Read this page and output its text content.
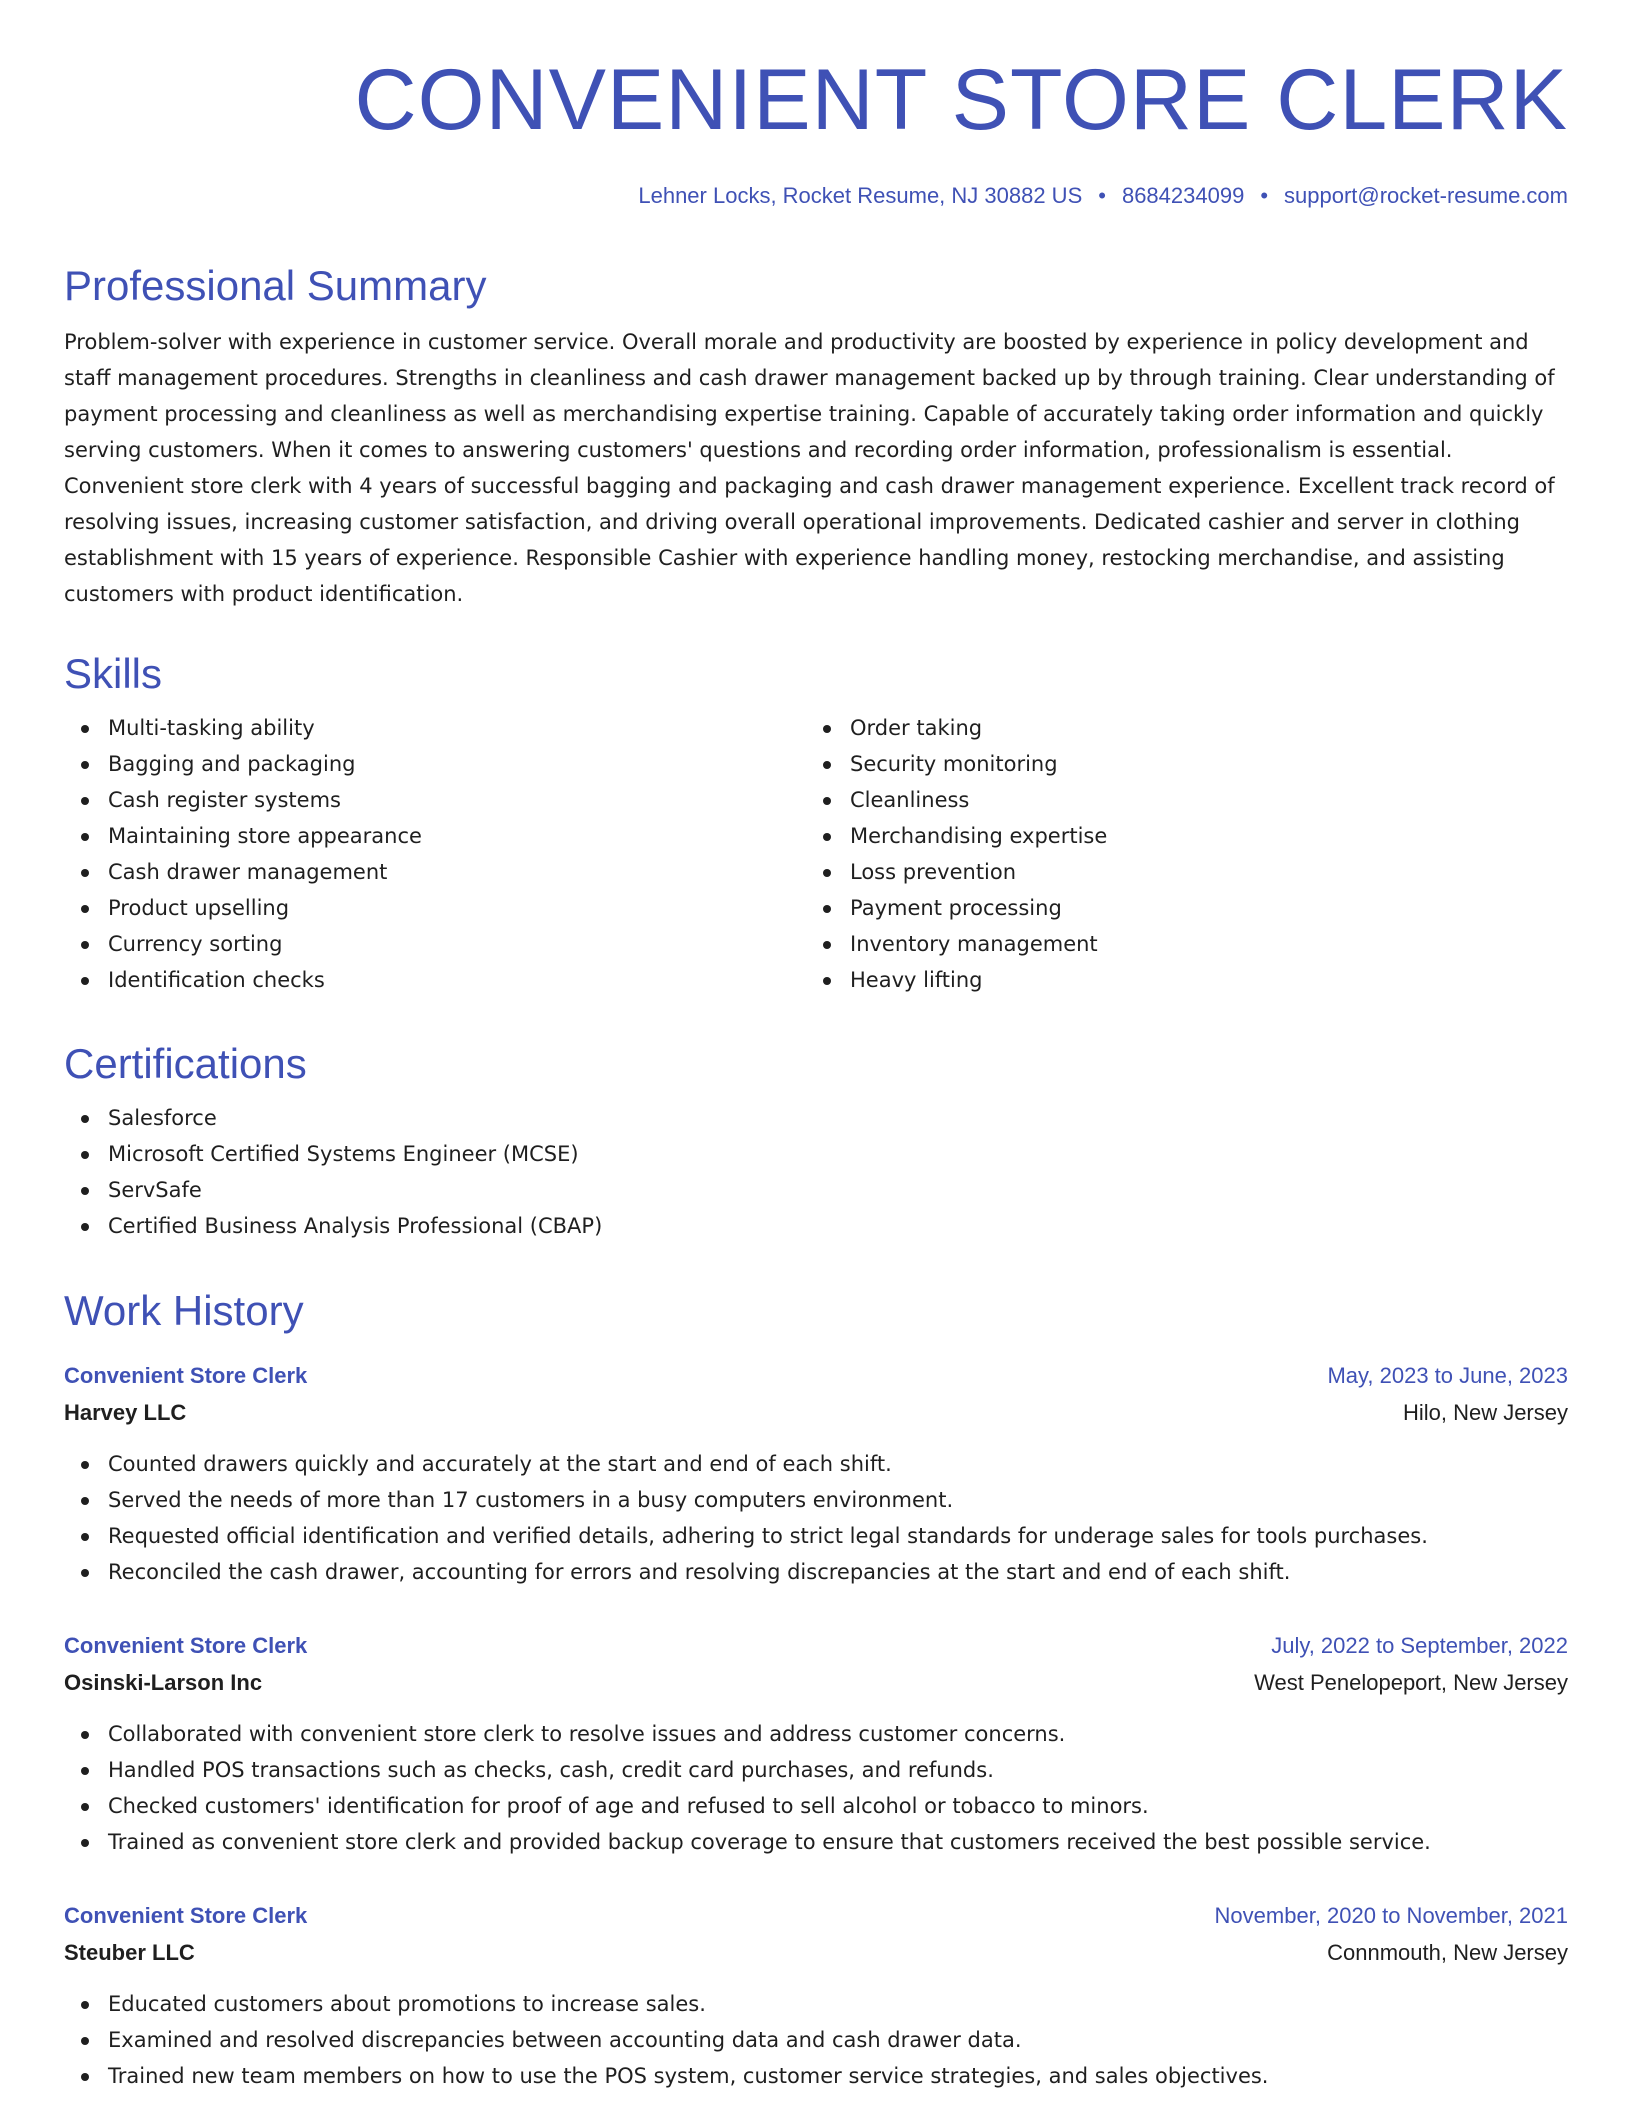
CONVENIENT STORE CLERK
Lehner Locks, Rocket Resume, NJ 30882 US • 8684234099 • support@rocket-resume.com
Professional Summary

Problem-solver with experience in customer service. Overall morale and productivity are boosted by experience in policy development and staff management procedures. Strengths in cleanliness and cash drawer management backed up by through training. Clear understanding of payment processing and cleanliness as well as merchandising expertise training. Capable of accurately taking order information and quickly serving customers. When it comes to answering customers' questions and recording order information, professionalism is essential. Convenient store clerk with 4 years of successful bagging and packaging and cash drawer management experience. Excellent track record of resolving issues, increasing customer satisfaction, and driving overall operational improvements. Dedicated cashier and server in clothing establishment with 15 years of experience. Responsible Cashier with experience handling money, restocking merchandise, and assisting customers with product identification.

Skills
Multi-tasking ability
Bagging and packaging
Cash register systems
Maintaining store appearance
Cash drawer management
Product upselling
Currency sorting
Identification checks
Order taking
Security monitoring
Cleanliness
Merchandising expertise
Loss prevention
Payment processing
Inventory management
Heavy lifting
Certifications
Salesforce
Microsoft Certified Systems Engineer (MCSE)
ServSafe
Certified Business Analysis Professional (CBAP)
Work History
Convenient Store Clerk	May, 2023 to June, 2023
Harvey LLC	Hilo, New Jersey
Counted drawers quickly and accurately at the start and end of each shift.
Served the needs of more than 17 customers in a busy computers environment.
Requested official identification and verified details, adhering to strict legal standards for underage sales for tools purchases.
Reconciled the cash drawer, accounting for errors and resolving discrepancies at the start and end of each shift.
Convenient Store Clerk	July, 2022 to September, 2022
Osinski-Larson Inc	West Penelopeport, New Jersey
Collaborated with convenient store clerk to resolve issues and address customer concerns.
Handled POS transactions such as checks, cash, credit card purchases, and refunds.
Checked customers' identification for proof of age and refused to sell alcohol or tobacco to minors.
Trained as convenient store clerk and provided backup coverage to ensure that customers received the best possible service.
Convenient Store Clerk	November, 2020 to November, 2021
Steuber LLC	Connmouth, New Jersey
Educated customers about promotions to increase sales.
Examined and resolved discrepancies between accounting data and cash drawer data.
Trained new team members on how to use the POS system, customer service strategies, and sales objectives.
